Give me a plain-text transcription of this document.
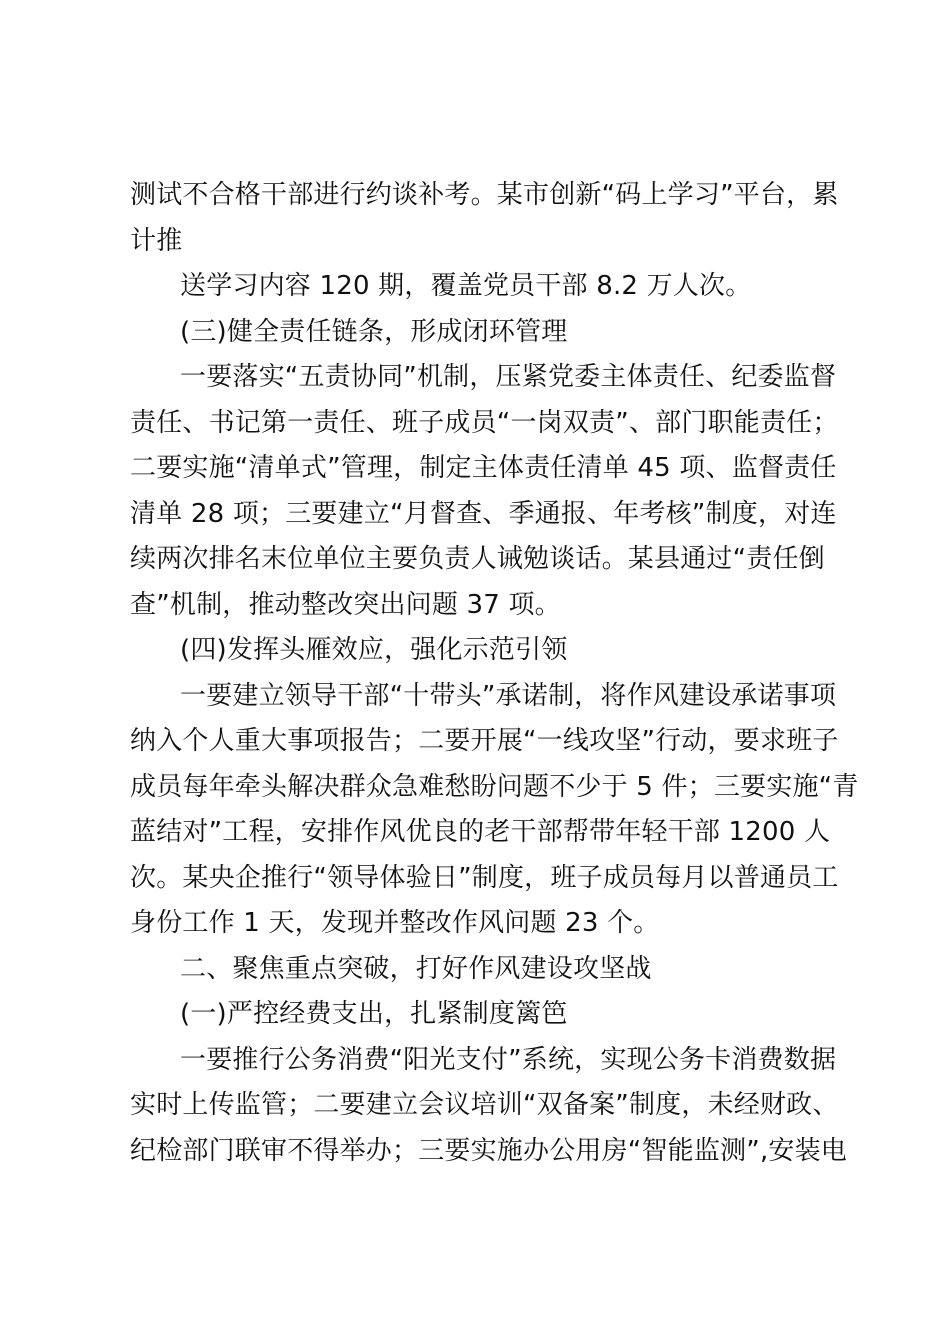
测试不合格干部进行约谈补考。某市创新“码上学习”平台，累
计推
送学习内容 120 期，覆盖党员干部 8.2 万人次。
(三)健全责任链条，形成闭环管理
一要落实“五责协同”机制，压紧党委主体责任、纪委监督
责任、书记第一责任、班子成员“一岗双责”、部门职能责任；
二要实施“清单式”管理，制定主体责任清单 45 项、监督责任
清单 28 项；三要建立“月督查、季通报、年考核”制度，对连
续两次排名末位单位主要负责人诫勉谈话。某县通过“责任倒
查”机制，推动整改突出问题 37 项。
(四)发挥头雁效应，强化示范引领
一要建立领导干部“十带头”承诺制，将作风建设承诺事项
纳入个人重大事项报告；二要开展“一线攻坚”行动，要求班子
成员每年牵头解决群众急难愁盼问题不少于 5 件；三要实施“青
蓝结对”工程，安排作风优良的老干部帮带年轻干部 1200 人
次。某央企推行“领导体验日”制度，班子成员每月以普通员工
身份工作 1 天，发现并整改作风问题 23 个。
二、聚焦重点突破，打好作风建设攻坚战
(一)严控经费支出，扎紧制度篱笆
一要推行公务消费“阳光支付”系统，实现公务卡消费数据
实时上传监管；二要建立会议培训“双备案”制度，未经财政、
纪检部门联审不得举办；三要实施办公用房“智能监测”,安装电
